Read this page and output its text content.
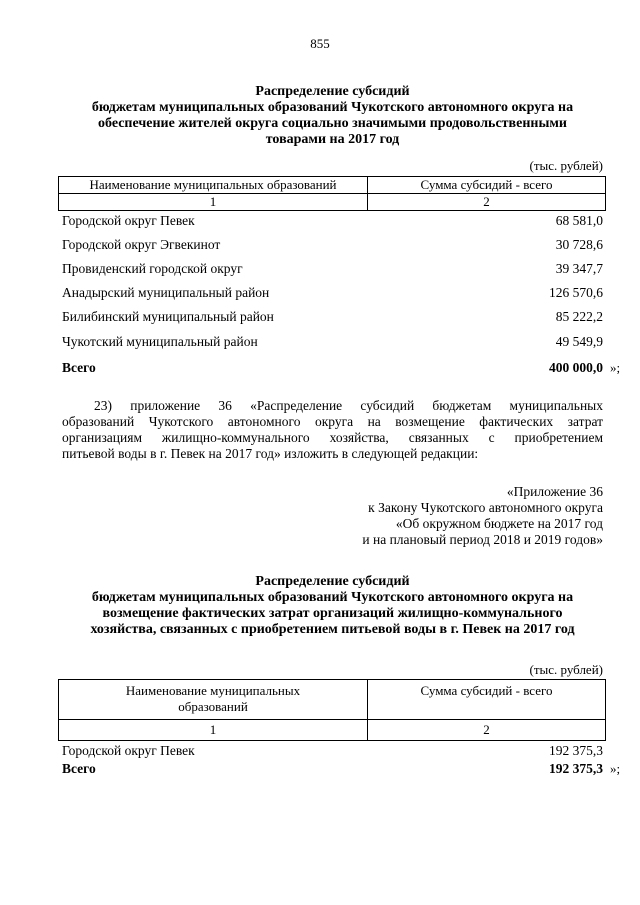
855
Распределение субсидий
бюджетам муниципальных образований Чукотского автономного округа на
обеспечение жителей округа социально значимыми продовольственными
товарами на 2017 год
(тыс. рублей)
Наименование муниципальных образований	Сумма субсидий - всего
1	2
Городской округ Певек	68 581,0
Городской округ Эгвекинот	30 728,6
Провиденский городской округ	39 347,7
Анадырский муниципальный район	126 570,6
Билибинский муниципальный район	85 222,2
Чукотский муниципальный район	49 549,9
Всего	400 000,0 »;
23) приложение 36 «Распределение субсидий бюджетам муниципальных
образований Чукотского автономного округа на возмещение фактических затрат
организациям жилищно-коммунального хозяйства, связанных с приобретением
питьевой воды в г. Певек на 2017 год» изложить в следующей редакции:
«Приложение 36
к Закону Чукотского автономного округа
«Об окружном бюджете на 2017 год
и на плановый период 2018 и 2019 годов»
Распределение субсидий
бюджетам муниципальных образований Чукотского автономного округа на
возмещение фактических затрат организаций жилищно-коммунального
хозяйства, связанных с приобретением питьевой воды в г. Певек на 2017 год
(тыс. рублей)
Наименование муниципальных
образований	Сумма субсидий - всего
1	2
Городской округ Певек	192 375,3
Всего	192 375,3 »;
